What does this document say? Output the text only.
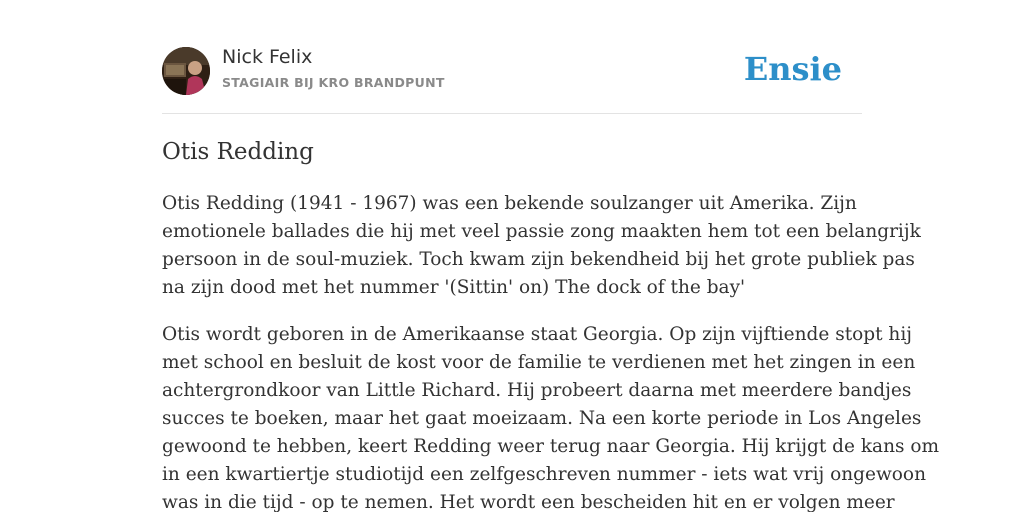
Nick Felix
STAGIAIR BIJ KRO BRANDPUNT	Ensie
Otis Redding

Otis Redding (1941 - 1967) was een bekende soulzanger uit Amerika. Zijn
emotionele ballades die hij met veel passie zong maakten hem tot een belangrijk
persoon in de soul-muziek. Toch kwam zijn bekendheid bij het grote publiek pas
na zijn dood met het nummer '(Sittin' on) The dock of the bay'

Otis wordt geboren in de Amerikaanse staat Georgia. Op zijn vijftiende stopt hij
met school en besluit de kost voor de familie te verdienen met het zingen in een
achtergrondkoor van Little Richard. Hij probeert daarna met meerdere bandjes
succes te boeken, maar het gaat moeizaam. Na een korte periode in Los Angeles
gewoond te hebben, keert Redding weer terug naar Georgia. Hij krijgt de kans om
in een kwartiertje studiotijd een zelfgeschreven nummer - iets wat vrij ongewoon
was in die tijd - op te nemen. Het wordt een bescheiden hit en er volgen meer
